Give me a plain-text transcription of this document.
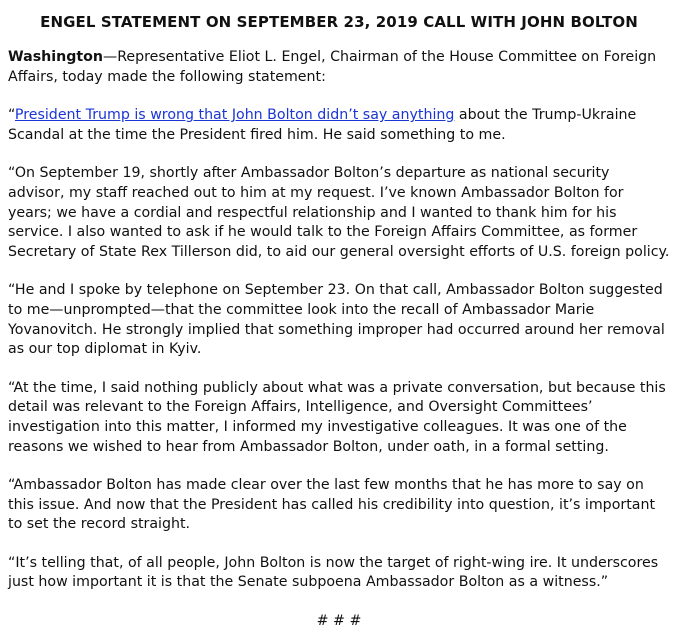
ENGEL STATEMENT ON SEPTEMBER 23, 2019 CALL WITH JOHN BOLTON

Washington—Representative Eliot L. Engel, Chairman of the House Committee on Foreign Affairs, today made the following statement:

“President Trump is wrong that John Bolton didn’t say anything about the Trump-Ukraine Scandal at the time the President fired him. He said something to me.

“On September 19, shortly after Ambassador Bolton’s departure as national security advisor, my staff reached out to him at my request. I’ve known Ambassador Bolton for years; we have a cordial and respectful relationship and I wanted to thank him for his service. I also wanted to ask if he would talk to the Foreign Affairs Committee, as former Secretary of State Rex Tillerson did, to aid our general oversight efforts of U.S. foreign policy.

“He and I spoke by telephone on September 23. On that call, Ambassador Bolton suggested to me—unprompted—that the committee look into the recall of Ambassador Marie Yovanovitch. He strongly implied that something improper had occurred around her removal as our top diplomat in Kyiv.

“At the time, I said nothing publicly about what was a private conversation, but because this detail was relevant to the Foreign Affairs, Intelligence, and Oversight Committees’ investigation into this matter, I informed my investigative colleagues. It was one of the reasons we wished to hear from Ambassador Bolton, under oath, in a formal setting.

“Ambassador Bolton has made clear over the last few months that he has more to say on this issue. And now that the President has called his credibility into question, it’s important to set the record straight.

“It’s telling that, of all people, John Bolton is now the target of right-wing ire. It underscores just how important it is that the Senate subpoena Ambassador Bolton as a witness.”

# # #
